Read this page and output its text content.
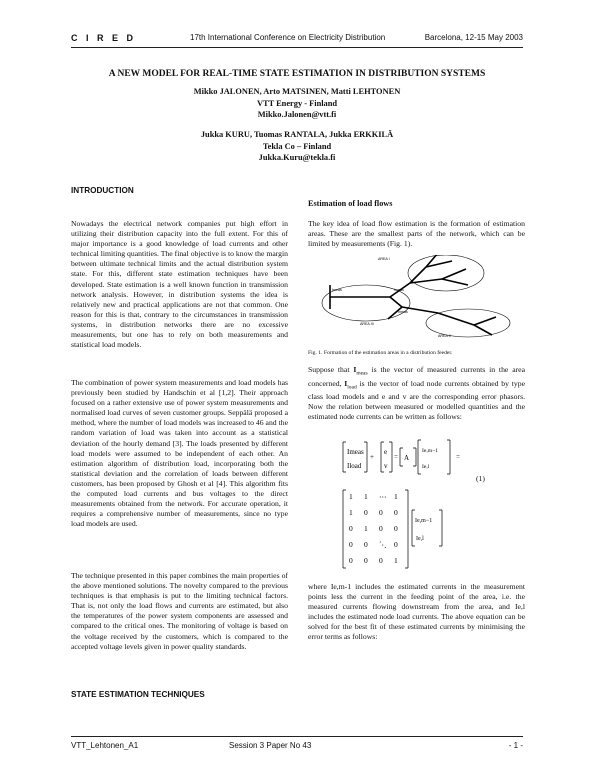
C I R E D	17th International Conference on Electricity Distribution	Barcelona, 12-15 May 2003
A NEW MODEL FOR REAL-TIME STATE ESTIMATION IN DISTRIBUTION SYSTEMS
Mikko JALONEN, Arto MATSINEN, Matti LEHTONEN
VTT Energy - Finland
Mikko.Jalonen@vtt.fi
Jukka KURU, Tuomas RANTALA, Jukka ERKKILÄ
Tekla Co – Finland
Jukka.Kuru@tekla.fi
INTRODUCTION

Nowadays the electrical network companies put high effort in utilizing their distribution capacity into the full extent. For this of major importance is a good knowledge of load currents and other technical limiting quantities. The final objective is to know the margin between ultimate technical limits and the actual distribution system state. For this, different state estimation techniques have been developed. State estimation is a well known function in transmission network analysis. However, in distribution systems the idea is relatively new and practical applications are not that common. One reason for this is that, contrary to the circumstances in transmission systems, in distribution networks there are no excessive measurements, but one has to rely on both measurements and statistical load models.

The combination of power system measurements and load models has previously been studied by Handschin et al [1,2]. Their approach focused on a rather extensive use of power system measurements and normalised load curves of seven customer groups. Seppälä proposed a method, where the number of load models was increased to 46 and the random variation of load was taken into account as a statistical deviation of the hourly demand [3]. The loads presented by different load models were assumed to be independent of each other. An estimation algorithm of distribution load, incorporating both the statistical deviation and the correlation of loads between different customers, has been proposed by Ghosh et al [4]. This algorithm fits the computed load currents and bus voltages to the direct measurements obtained from the network. For accurate operation, it requires a comprehensive number of measurements, since no type load models are used.

The technique presented in this paper combines the main properties of the above mentioned solutions. The novelty compared to the previous techniques is that emphasis is put to the limiting technical factors. That is, not only the load flows and currents are estimated, but also the temperatures of the power system components are assessed and compared to the critical ones. The monitoring of voltage is based on the voltage received by the customers, which is compared to the accepted voltage levels given in power quality standards.

STATE ESTIMATION TECHNIQUES
Estimation of load flows

The key idea of load flow estimation is the formation of estimation areas. These are the smallest parts of the network, which can be limited by measurements (Fig. 1).

AREA I
AREA II
AREA III
Imeas	Imeas
Imeas
Fig. 1. Formation of the estimation areas in a distribution feeder.

Suppose that $I_{meas}$ is the vector of measured currents in the area concerned, $I_{load}$ is the vector of load node currents obtained by type class load models and e and v are the corresponding error phasors. Now the relation between measured or modelled quantities and the estimated node currents can be written as follows:

Imeas
Iload
+
e
v
= A
Ie,m−1
Ie,l
=
(1)
1 1 ⋯ 1
1 0 0 0
0 1 0 0
0 0 ⋱ 0
0 0 0 1
Ie,m−1
Ie,l

where Ie,m-1 includes the estimated currents in the measurement points less the current in the feeding point of the area, i.e. the measured currents flowing downstream from the area, and Ie,l includes the estimated node load currents. The above equation can be solved for the best fit of these estimated currents by minimising the error terms as follows:

VTT_Lehtonen_A1	Session 3 Paper No 43	- 1 -
